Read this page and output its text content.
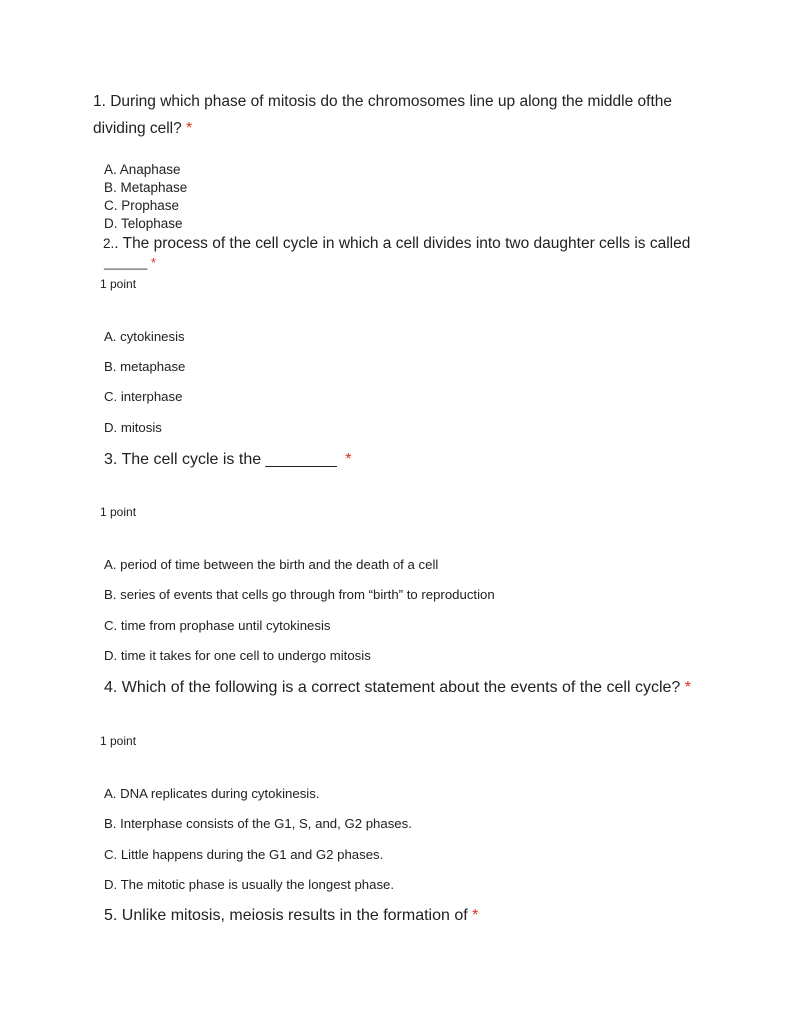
1. During which phase of mitosis do the chromosomes line up along the middle ofthe
dividing cell? *
A. Anaphase
B. Metaphase
C. Prophase
D. Telophase
2.. The process of the cell cycle in which a cell divides into two daughter cells is called
______ *
1 point
A. cytokinesis
B. metaphase
C. interphase
D. mitosis
3. The cell cycle is the ________ *
1 point
A. period of time between the birth and the death of a cell
B. series of events that cells go through from “birth” to reproduction
C. time from prophase until cytokinesis
D. time it takes for one cell to undergo mitosis
4. Which of the following is a correct statement about the events of the cell cycle? *
1 point
A. DNA replicates during cytokinesis.
B. Interphase consists of the G1, S, and, G2 phases.
C. Little happens during the G1 and G2 phases.
D. The mitotic phase is usually the longest phase.
5. Unlike mitosis, meiosis results in the formation of *
